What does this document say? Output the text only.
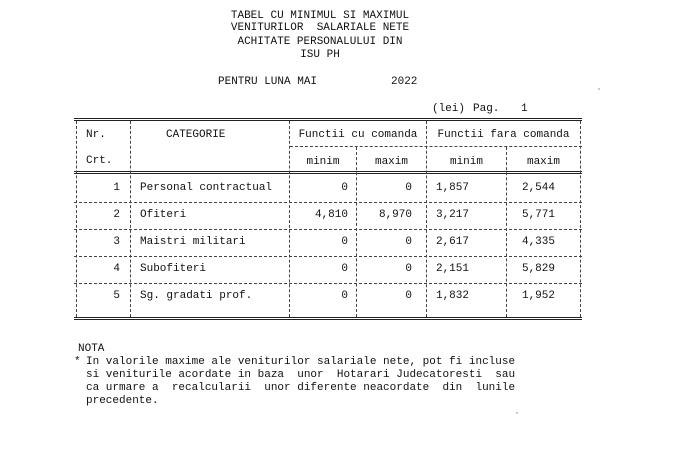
TABEL CU MINIMUL SI MAXIMUL
VENITURILOR  SALARIALE NETE
ACHITATE PERSONALULUI DIN
ISU PH
PENTRU LUNA MAI	2022
(lei) Pag. 1
Nr.
Crt.
CATEGORIE	Functii cu comanda	Functii fara comanda
minim	maxim	minim	maxim
1 Personal contractual	0	0	1,857	2,544
2 Ofiteri	4,810	8,970	3,217	5,771
3 Maistri militari	0	0	2,617	4,335
4 Subofiteri	0	0	2,151	5,829
5 Sg. gradati prof.	0	0	1,832	1,952
NOTA
* In valorile maxime ale veniturilor salariale nete, pot fi incluse
si veniturile acordate in baza  unor  Hotarari Judecatoresti  sau
ca urmare a  recalcularii  unor diferente neacordate  din  lunile
precedente.
